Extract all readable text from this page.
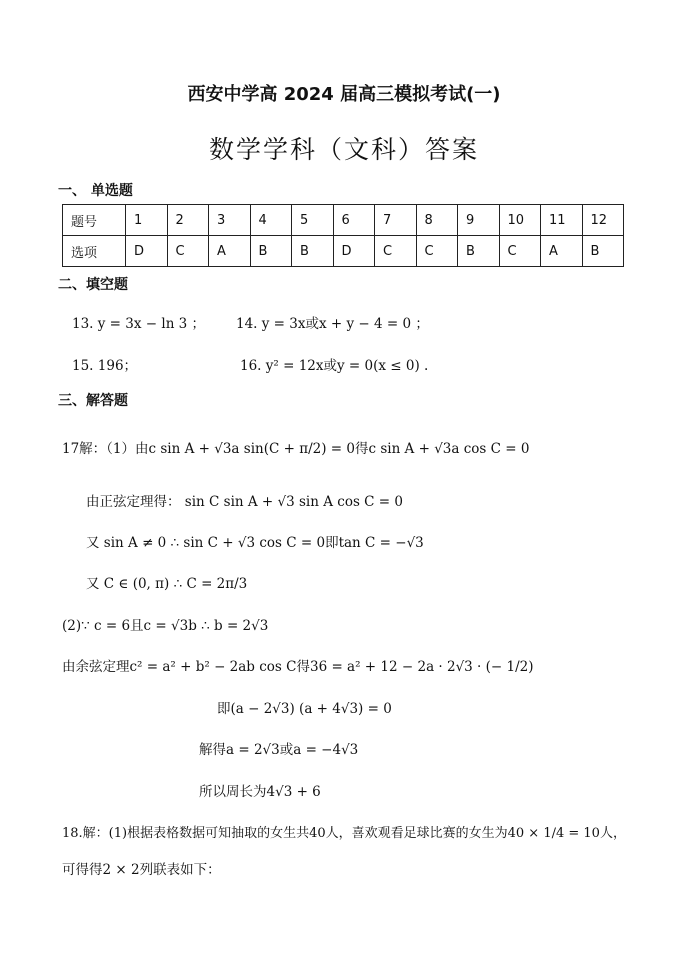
西安中学高 2024 届高三模拟考试(一)
数学学科（文科）答案
一、 单选题
题号	1	2	3	4	5	6	7	8	9	10	11	12
选项	D	C	A	B	B	D	C	C	B	C	A	B
二、填空题
13. y = 3x − ln 3 ； 14. y = 3x或x + y − 4 = 0 ；
15. 196；	16. y² = 12x或y = 0(x ≤ 0) .
三、解答题
17解：（1）由c sin A + √3a sin(C + π/2) = 0得c sin A + √3a cos C = 0
由正弦定理得： sin C sin A + √3 sin A cos C = 0
又 sin A ≠ 0 ∴ sin C + √3 cos C = 0即tan C = −√3
又 C ∈ (0, π) ∴ C = 2π/3
(2)∵ c = 6且c = √3b ∴ b = 2√3
由余弦定理c² = a² + b² − 2ab cos C得36 = a² + 12 − 2a · 2√3 · (− 1/2)
即(a − 2√3) (a + 4√3) = 0
解得a = 2√3或a = −4√3
所以周长为4√3 + 6
18.解：(1)根据表格数据可知抽取的女生共40人，喜欢观看足球比赛的女生为40 × 1/4 = 10人，
可得得2 × 2列联表如下：
